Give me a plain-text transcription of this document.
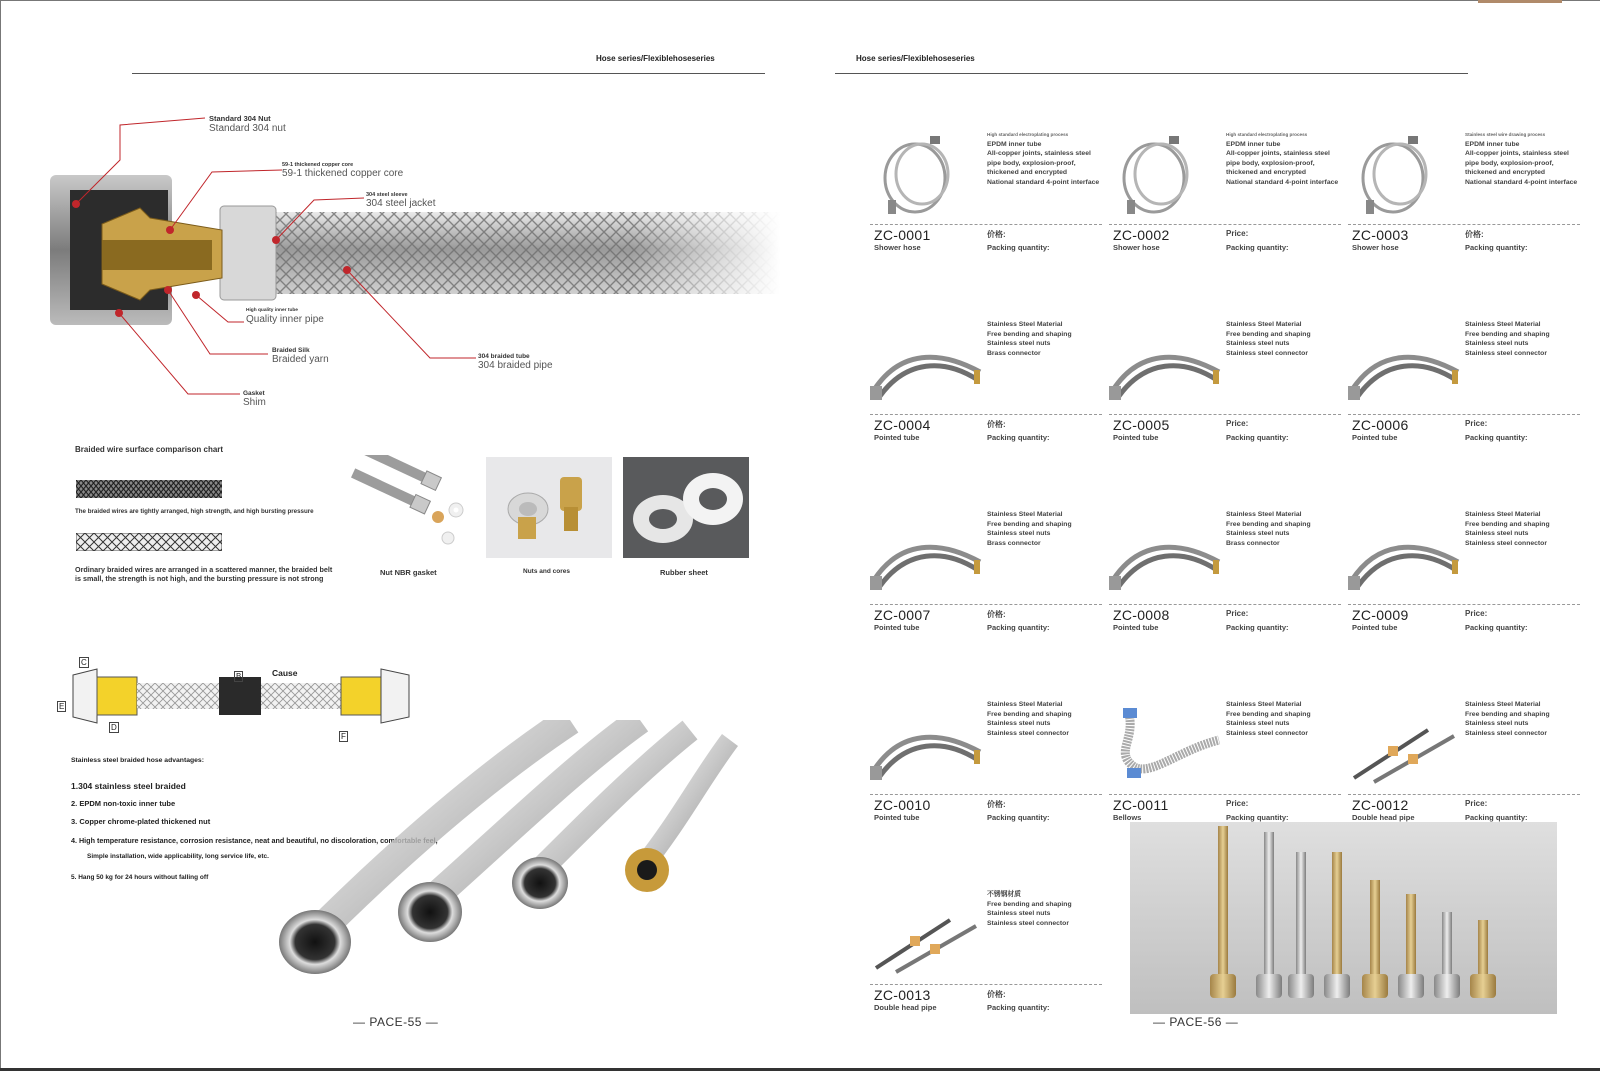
Hose series/Flexiblehoseseries
Standard 304 Nut
Standard 304 nut
59-1 thickened copper core
59-1 thickened copper core
304 steel sleeve
304 steel jacket
High quality inner tube
Quality inner pipe
Braided Silk
Braided yarn	304 braided tube
304 braided pipe
Gasket
Shim
Braided wire surface comparison chart
The braided wires are tightly arranged, high strength, and high bursting pressure
Ordinary braided wires are arranged in a scattered manner, the braided belt is small, the strength is not high, and the bursting pressure is not strong
Nut NBR gasket	Nuts and cores	Rubber sheet
C
B	Cause
E
D
F
Stainless steel braided hose advantages:
1.304 stainless steel braided
2. EPDM non-toxic inner tube
3. Copper chrome-plated thickened nut
4. High temperature resistance, corrosion resistance, neat and beautiful, no discoloration, comfortable feel,
Simple installation, wide applicability, long service life, etc.
5. Hang 50 kg for 24 hours without falling off
— PACE-55 —
Hose series/Flexiblehoseseries
High standard electroplating process
EPDM inner tube
All-copper joints, stainless steel pipe body, explosion-proof, thickened and encrypted
National standard 4-point interface
ZC-0001
Shower hose
价格:
Packing quantity:
High standard electroplating process
EPDM inner tube
All-copper joints, stainless steel pipe body, explosion-proof, thickened and encrypted
National standard 4-point interface
ZC-0002
Shower hose
Price:
Packing quantity:
Stainless steel wire drawing process
EPDM inner tube
All-copper joints, stainless steel pipe body, explosion-proof, thickened and encrypted
National standard 4-point interface
ZC-0003
Shower hose
价格:
Packing quantity:
Stainless Steel Material
Free bending and shaping
Stainless steel nuts
Brass connector
ZC-0004
Pointed tube
价格:
Packing quantity:
Stainless Steel Material
Free bending and shaping
Stainless steel nuts
Stainless steel connector
ZC-0005
Pointed tube
Price:
Packing quantity:
Stainless Steel Material
Free bending and shaping
Stainless steel nuts
Stainless steel connector
ZC-0006
Pointed tube
Price:
Packing quantity:
Stainless Steel Material
Free bending and shaping
Stainless steel nuts
Brass connector
ZC-0007
Pointed tube
价格:
Packing quantity:
Stainless Steel Material
Free bending and shaping
Stainless steel nuts
Brass connector
ZC-0008
Pointed tube
Price:
Packing quantity:
Stainless Steel Material
Free bending and shaping
Stainless steel nuts
Stainless steel connector
ZC-0009
Pointed tube
Price:
Packing quantity:
Stainless Steel Material
Free bending and shaping
Stainless steel nuts
Stainless steel connector
ZC-0010
Pointed tube
价格:
Packing quantity:
Stainless Steel Material
Free bending and shaping
Stainless steel nuts
Stainless steel connector
ZC-0011
Bellows
Price:
Packing quantity:
Stainless Steel Material
Free bending and shaping
Stainless steel nuts
Stainless steel connector
ZC-0012
Double head pipe
Price:
Packing quantity:
不锈钢材质
Free bending and shaping
Stainless steel nuts
Stainless steel connector
ZC-0013
Double head pipe
价格:
Packing quantity:
— PACE-56 —
